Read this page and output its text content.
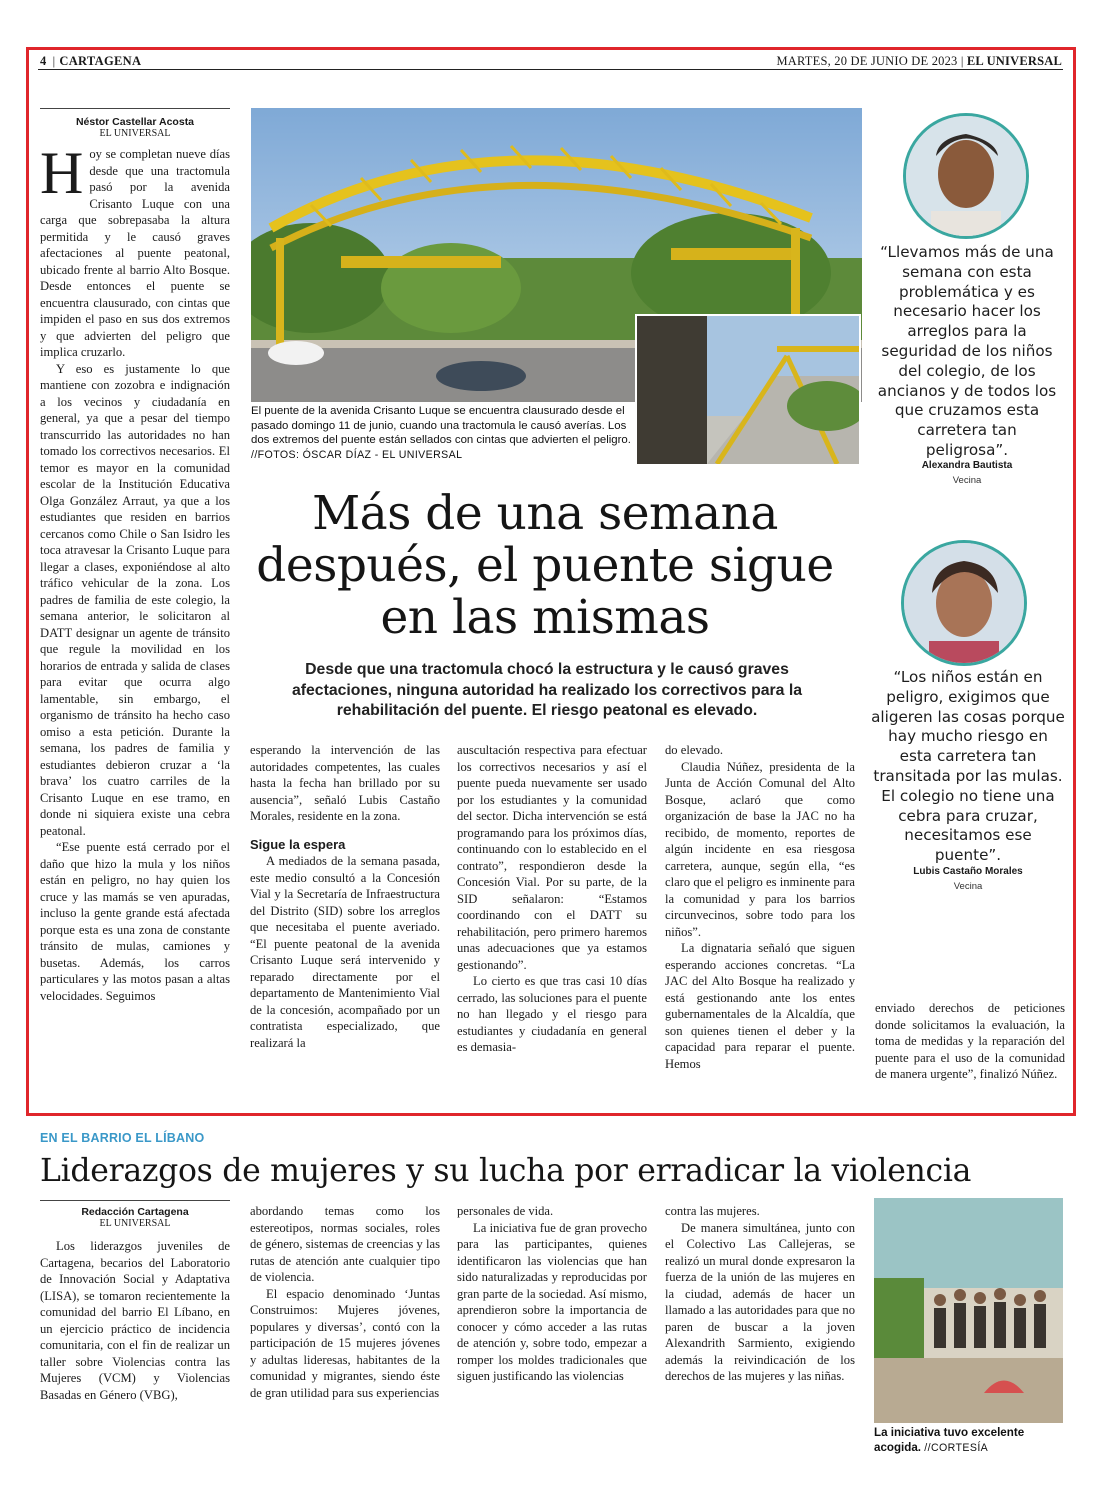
4 | CARTAGENA	MARTES, 20 DE JUNIO DE 2023 | EL UNIVERSAL
Néstor Castellar Acosta
EL UNIVERSAL

Hoy se completan nueve días desde que una tractomula pasó por la avenida Crisanto Luque con una carga que sobrepasaba la altura permitida y le causó graves afectaciones al puente peatonal, ubicado frente al barrio Alto Bosque. Desde entonces el puente se encuentra clausurado, con cintas que impiden el paso en sus dos extremos y que advierten del peligro que implica cruzarlo.

Y eso es justamente lo que mantiene con zozobra e indignación a los vecinos y ciudadanía en general, ya que a pesar del tiempo transcurrido las autoridades no han tomado los correctivos necesarios. El temor es mayor en la comunidad escolar de la Institución Educativa Olga González Arraut, ya que a los estudiantes que residen en barrios cercanos como Chile o San Isidro les toca atravesar la Crisanto Luque para llegar a clases, exponiéndose al alto tráfico vehicular de la zona. Los padres de familia de este colegio, la semana anterior, le solicitaron al DATT designar un agente de tránsito que regule la movilidad en los horarios de entrada y salida de clases para evitar que ocurra algo lamentable, sin embargo, el organismo de tránsito ha hecho caso omiso a esta petición. Durante la semana, los padres de familia y estudiantes debieron cruzar a ‘la brava’ los cuatro carriles de la Crisanto Luque en ese tramo, en donde ni siquiera existe una cebra peatonal.

“Ese puente está cerrado por el daño que hizo la mula y los niños están en peligro, no hay quien los cruce y las mamás se ven apuradas, incluso la gente grande está afectada porque esta es una zona de constante tránsito de mulas, camiones y busetas. Además, los carros particulares y las motos pasan a altas velocidades. Seguimos

El puente de la avenida Crisanto Luque se encuentra clausurado desde el pasado domingo 11 de junio, cuando una tractomula le causó averías. Los dos extremos del puente están sellados con cintas que advierten el peligro. //FOTOS: ÓSCAR DÍAZ - EL UNIVERSAL
Más de una semana después, el puente sigue en las mismas
Desde que una tractomula chocó la estructura y le causó graves afectaciones, ninguna autoridad ha realizado los correctivos para la rehabilitación del puente. El riesgo peatonal es elevado.

esperando la intervención de las autoridades competentes, las cuales hasta la fecha han brillado por su ausencia”, señaló Lubis Castaño Morales, residente en la zona.

Sigue la espera

A mediados de la semana pasada, este medio consultó a la Concesión Vial y la Secretaría de Infraestructura del Distrito (SID) sobre los arreglos que necesitaba el puente averiado. “El puente peatonal de la avenida Crisanto Luque será intervenido y reparado directamente por el departamento de Mantenimiento Vial de la concesión, acompañado por un contratista especializado, que realizará la

auscultación respectiva para efectuar los correctivos necesarios y así el puente pueda nuevamente ser usado por los estudiantes y la comunidad del sector. Dicha intervención se está programando para los próximos días, continuando con lo establecido en el contrato”, respondieron desde la Concesión Vial. Por su parte, de la SID señalaron: “Estamos coordinando con el DATT su rehabilitación, pero primero haremos unas adecuaciones que ya estamos gestionando”.

Lo cierto es que tras casi 10 días cerrado, las soluciones para el puente no han llegado y el riesgo para estudiantes y ciudadanía en general es demasia-

do elevado.

Claudia Núñez, presidenta de la Junta de Acción Comunal del Alto Bosque, aclaró que como organización de base la JAC no ha recibido, de momento, reportes de algún incidente en esa riesgosa carretera, aunque, según ella, “es claro que el peligro es inminente para la comunidad y para los barrios circunvecinos, sobre todo para los niños”.

La dignataria señaló que siguen esperando acciones concretas. “La JAC del Alto Bosque ha realizado y está gestionando ante los entes gubernamentales de la Alcaldía, que son quienes tienen el deber y la capacidad para reparar el puente. Hemos

enviado derechos de peticiones donde solicitamos la evaluación, la toma de medidas y la reparación del puente para el uso de la comunidad de manera urgente”, finalizó Núñez.

“Llevamos más de una semana con esta problemática y es necesario hacer los arreglos para la seguridad de los niños del colegio, de los ancianos y de todos los que cruzamos esta carretera tan peligrosa”.
Alexandra Bautista
Vecina
“Los niños están en peligro, exigimos que aligeren las cosas porque hay mucho riesgo en esta carretera tan transitada por las mulas. El colegio no tiene una cebra para cruzar, necesitamos ese puente”.
Lubis Castaño Morales
Vecina
EN EL BARRIO EL LÍBANO
Liderazgos de mujeres y su lucha por erradicar la violencia
Redacción Cartagena
EL UNIVERSAL

Los liderazgos juveniles de Cartagena, becarios del Laboratorio de Innovación Social y Adaptativa (LISA), se tomaron recientemente la comunidad del barrio El Líbano, en un ejercicio práctico de incidencia comunitaria, con el fin de realizar un taller sobre Violencias contra las Mujeres (VCM) y Violencias Basadas en Género (VBG),

abordando temas como los estereotipos, normas sociales, roles de género, sistemas de creencias y las rutas de atención ante cualquier tipo de violencia.

El espacio denominado ‘Juntas Construimos: Mujeres jóvenes, populares y diversas’, contó con la participación de 15 mujeres jóvenes y adultas lideresas, habitantes de la comunidad y migrantes, siendo éste de gran utilidad para sus experiencias

personales de vida.

La iniciativa fue de gran provecho para las participantes, quienes identificaron las violencias que han sido naturalizadas y reproducidas por gran parte de la sociedad. Así mismo, aprendieron sobre la importancia de conocer y cómo acceder a las rutas de atención y, sobre todo, empezar a romper los moldes tradicionales que siguen justificando las violencias

contra las mujeres.

De manera simultánea, junto con el Colectivo Las Callejeras, se realizó un mural donde expresaron la fuerza de la unión de las mujeres en la ciudad, además de hacer un llamado a las autoridades para que no paren de buscar a la joven Alexandrith Sarmiento, exigiendo además la reivindicación de los derechos de las mujeres y las niñas.

La iniciativa tuvo excelente acogida. //CORTESÍA
